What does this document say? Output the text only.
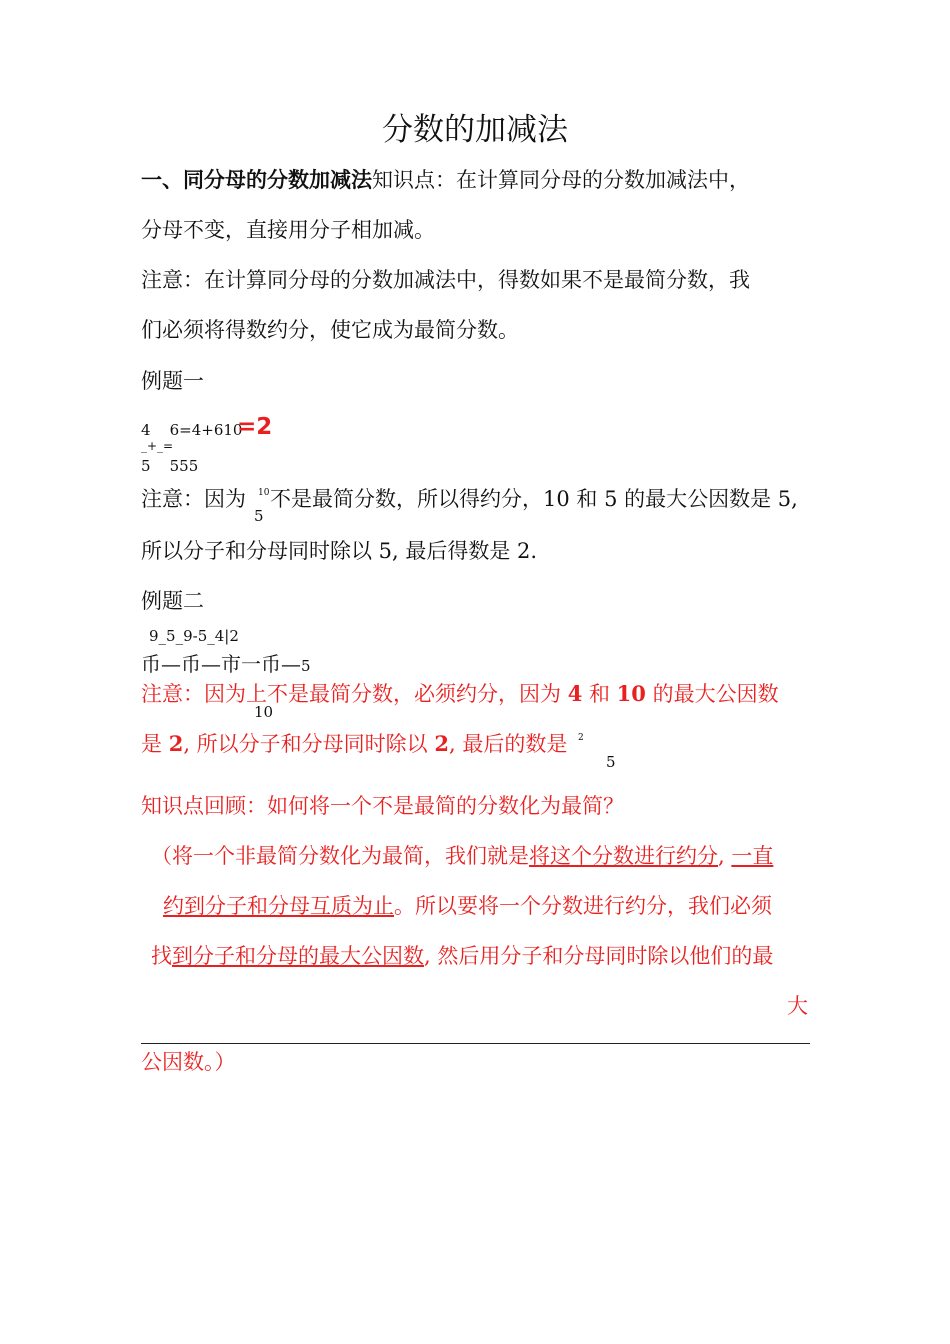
分数的加减法
一、同分母的分数加减法知识点：在计算同分母的分数加减法中，
分母不变，直接用分子相加减。
注意：在计算同分母的分数加减法中，得数如果不是最简分数，我
们必须将得数约分，使它成为最简分数。
例题一
4    6=4+610
=2
_+_=
5    555
注意：因为 10
5
不是最简分数，所以得约分，10 和 5 的最大公因数是 5,
所以分子和分母同时除以 5, 最后得数是 2.
例题二
9_5_9-5_4|2
币—币—市一币—5
注意：因为上不是最简分数，必须约分，因为 4 和 10 的最大公因数
10
是 2, 所以分子和分母同时除以 2, 最后的数是 2
5
知识点回顾：如何将一个不是最简的分数化为最简？
（将一个非最简分数化为最简，我们就是将这个分数进行约分, 一直
约到分子和分母互质为止。所以要将一个分数进行约分，我们必须
找到分子和分母的最大公因数, 然后用分子和分母同时除以他们的最
大
公因数。）
